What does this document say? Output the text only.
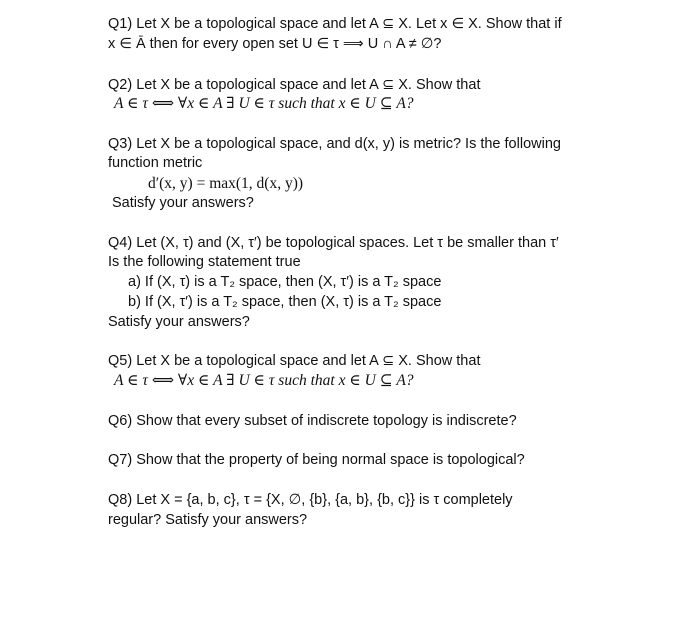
Q1) Let X be a topological space and let A ⊆ X. Let x ∈ X. Show that if
x ∈ Ā then for every open set U ∈ τ ⟹ U ∩ A ≠ ∅?
Q2) Let X be a topological space and let A ⊆ X. Show that
A ∈ τ ⟺ ∀x ∈ A ∃ U ∈ τ such that x ∈ U ⊆ A?
Q3) Let X be a topological space, and d(x, y) is metric? Is the following
function metric
d′(x, y) = max(1, d(x, y))
Satisfy your answers?
Q4) Let (X, τ) and (X, τ′) be topological spaces. Let τ be smaller than τ′
Is the following statement true
a) If (X, τ) is a T₂ space, then (X, τ′) is a T₂ space
b) If (X, τ′) is a T₂ space, then (X, τ) is a T₂ space
Satisfy your answers?
Q5) Let X be a topological space and let A ⊆ X. Show that
A ∈ τ ⟺ ∀x ∈ A ∃ U ∈ τ such that x ∈ U ⊆ A?
Q6) Show that every subset of indiscrete topology is indiscrete?
Q7) Show that the property of being normal space is topological?
Q8) Let X = {a, b, c}, τ = {X, ∅, {b}, {a, b}, {b, c}} is τ completely
regular? Satisfy your answers?
